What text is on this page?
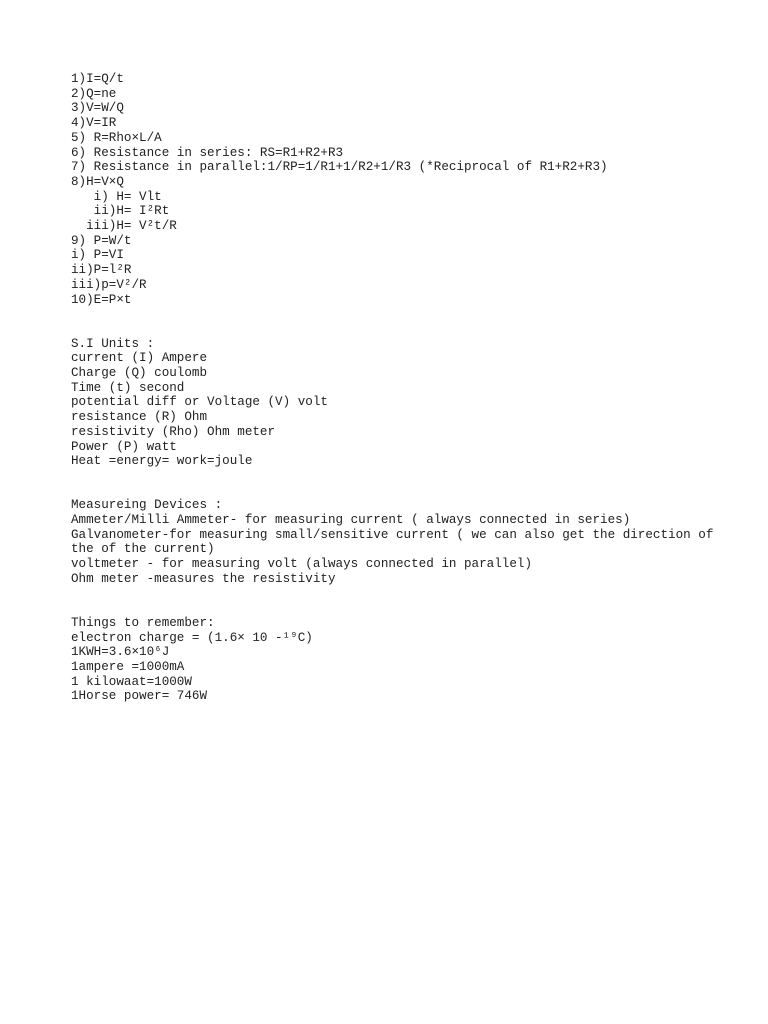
1)I=Q/t
2)Q=ne
3)V=W/Q
4)V=IR
5) R=Rho×L/A
6) Resistance in series: RS=R1+R2+R3
7) Resistance in parallel:1/RP=1/R1+1/R2+1/R3 (*Reciprocal of R1+R2+R3)
8)H=V×Q
i) H= Vlt
ii)H= I²Rt
iii)H= V²t/R
9) P=W/t
i) P=VI
ii)P=l²R
iii)p=V²/R
10)E=P×t
S.I Units :
current (I) Ampere
Charge (Q) coulomb
Time (t) second
potential diff or Voltage (V) volt
resistance (R) Ohm
resistivity (Rho) Ohm meter
Power (P) watt
Heat =energy= work=joule
Measureing Devices :
Ammeter/Milli Ammeter- for measuring current ( always connected in series)
Galvanometer-for measuring small/sensitive current ( we can also get the direction of the of the current)
voltmeter - for measuring volt (always connected in parallel)
Ohm meter -measures the resistivity
Things to remember:
electron charge = (1.6× 10 -¹⁹C)
1KWH=3.6×10⁶J
1ampere =1000mA
1 kilowaat=1000W
1Horse power= 746W
